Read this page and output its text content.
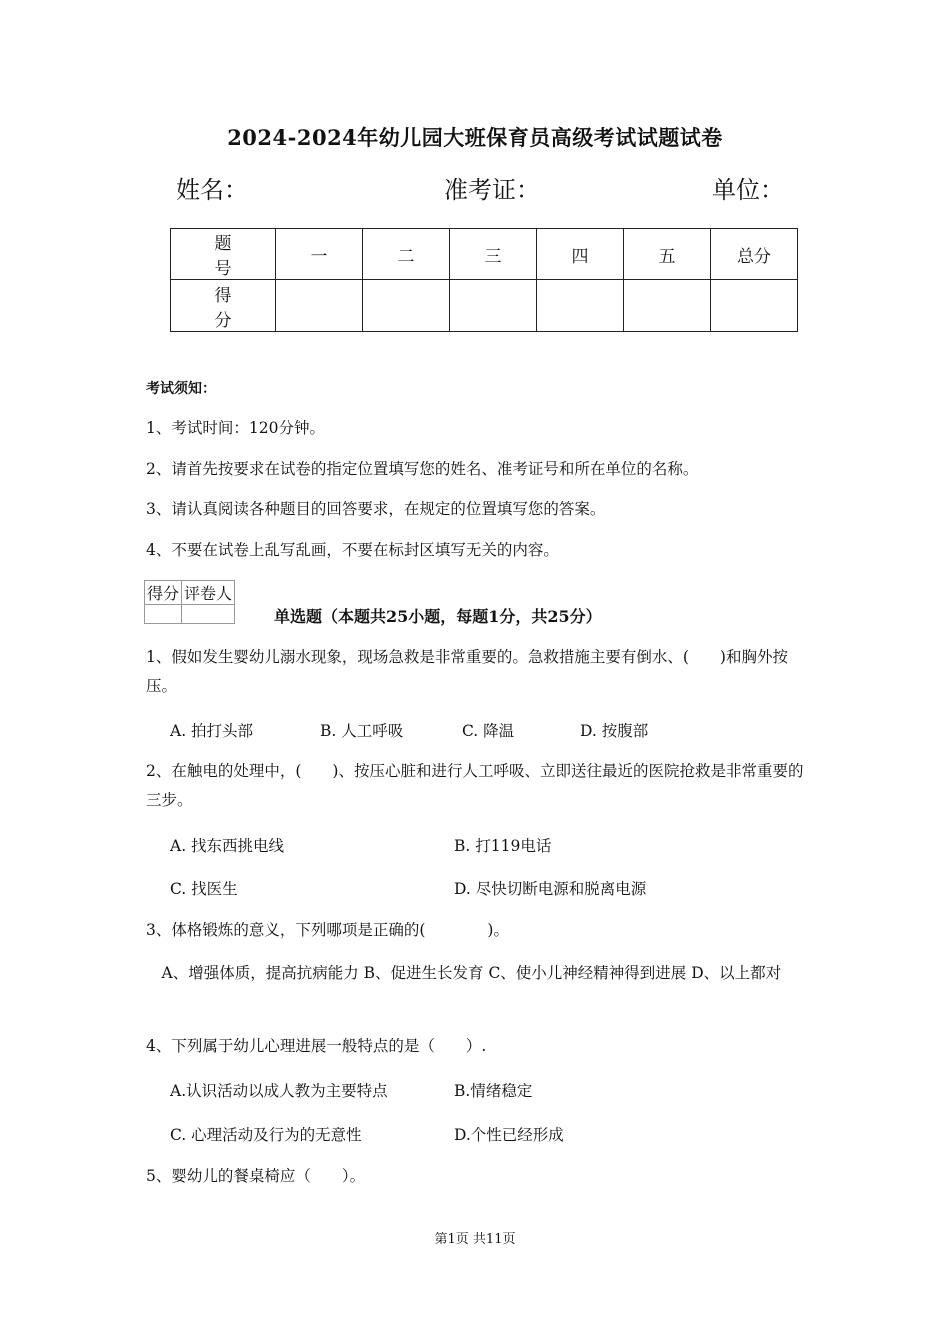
2024-2024年幼儿园大班保育员高级考试试题试卷
姓名：	准考证：	单位：
题 号	一	二	三	四	五	总分
得 分						
考试须知：
1、考试时间：120分钟。
2、请首先按要求在试卷的指定位置填写您的姓名、准考证号和所在单位的名称。
3、请认真阅读各种题目的回答要求，在规定的位置填写您的答案。
4、不要在试卷上乱写乱画，不要在标封区填写无关的内容。
得分	评卷人

单选题（本题共25小题，每题1分，共25分）
1、假如发生婴幼儿溺水现象，现场急救是非常重要的。急救措施主要有倒水、(　　)和胸外按压。
A. 拍打头部	B. 人工呼吸	C. 降温	D. 按腹部
2、在触电的处理中，(　　)、按压心脏和进行人工呼吸、立即送往最近的医院抢救是非常重要的三步。
A. 找东西挑电线	B. 打119电话
C. 找医生	D. 尽快切断电源和脱离电源
3、体格锻炼的意义，下列哪项是正确的(　　　　)。
　A、增强体质，提高抗病能力 B、促进生长发育 C、使小儿神经精神得到进展 D、以上都对
4、下列属于幼儿心理进展一般特点的是（　　）.
A.认识活动以成人教为主要特点	B.情绪稳定
C. 心理活动及行为的无意性	D.个性已经形成
5、婴幼儿的餐桌椅应（　　）。
第1页 共11页
